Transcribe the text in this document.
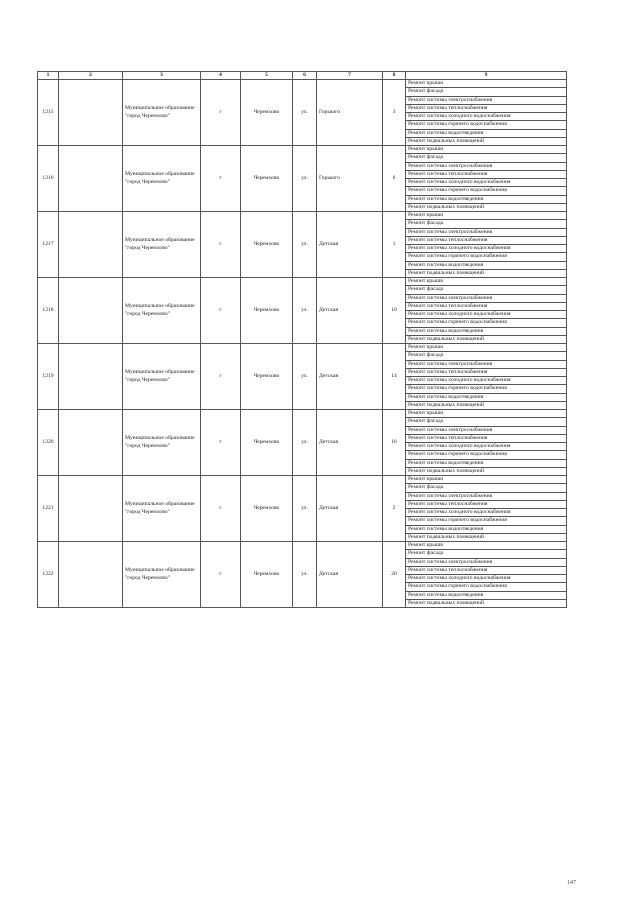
1	2	3	4	5	6	7	8	9
1215		Муниципальное образование "город Черемхово"	г	Черемхово	ул.	Горького	3	Ремонт крыши
								Ремонт фасада
								Ремонт системы электроснабжения
								Ремонт системы теплоснабжения
								Ремонт системы холодного водоснабжения
								Ремонт системы горячего водоснабжения
								Ремонт системы водоотведения
								Ремонт подвальных помещений
1216		Муниципальное образование "город Черемхово"	г	Черемхово	ул.	Горького	6	Ремонт крыши
								Ремонт фасада
								Ремонт системы электроснабжения
								Ремонт системы теплоснабжения
								Ремонт системы холодного водоснабжения
								Ремонт системы горячего водоснабжения
								Ремонт системы водоотведения
								Ремонт подвальных помещений
1217		Муниципальное образование "город Черемхово"	г	Черемхово	ул.	Детская	1	Ремонт крыши
								Ремонт фасада
								Ремонт системы электроснабжения
								Ремонт системы теплоснабжения
								Ремонт системы холодного водоснабжения
								Ремонт системы горячего водоснабжения
								Ремонт системы водоотведения
								Ремонт подвальных помещений
1218		Муниципальное образование "город Черемхово"	г	Черемхово	ул.	Детская	10	Ремонт крыши
								Ремонт фасада
								Ремонт системы электроснабжения
								Ремонт системы теплоснабжения
								Ремонт системы холодного водоснабжения
								Ремонт системы горячего водоснабжения
								Ремонт системы водоотведения
								Ремонт подвальных помещений
1219		Муниципальное образование "город Черемхово"	г	Черемхово	ул.	Детская	14	Ремонт крыши
								Ремонт фасада
								Ремонт системы электроснабжения
								Ремонт системы теплоснабжения
								Ремонт системы холодного водоснабжения
								Ремонт системы горячего водоснабжения
								Ремонт системы водоотведения
								Ремонт подвальных помещений
1220		Муниципальное образование "город Черемхово"	г	Черемхово	ул.	Детская	16	Ремонт крыши
								Ремонт фасада
								Ремонт системы электроснабжения
								Ремонт системы теплоснабжения
								Ремонт системы холодного водоснабжения
								Ремонт системы горячего водоснабжения
								Ремонт системы водоотведения
								Ремонт подвальных помещений
1221		Муниципальное образование "город Черемхово"	г	Черемхово	ул.	Детская	2	Ремонт крыши
								Ремонт фасада
								Ремонт системы электроснабжения
								Ремонт системы теплоснабжения
								Ремонт системы холодного водоснабжения
								Ремонт системы горячего водоснабжения
								Ремонт системы водоотведения
								Ремонт подвальных помещений
1222		Муниципальное образование "город Черемхово"	г	Черемхово	ул.	Детская	20	Ремонт крыши
								Ремонт фасада
								Ремонт системы электроснабжения
								Ремонт системы теплоснабжения
								Ремонт системы холодного водоснабжения
								Ремонт системы горячего водоснабжения
								Ремонт системы водоотведения
								Ремонт подвальных помещений
147
